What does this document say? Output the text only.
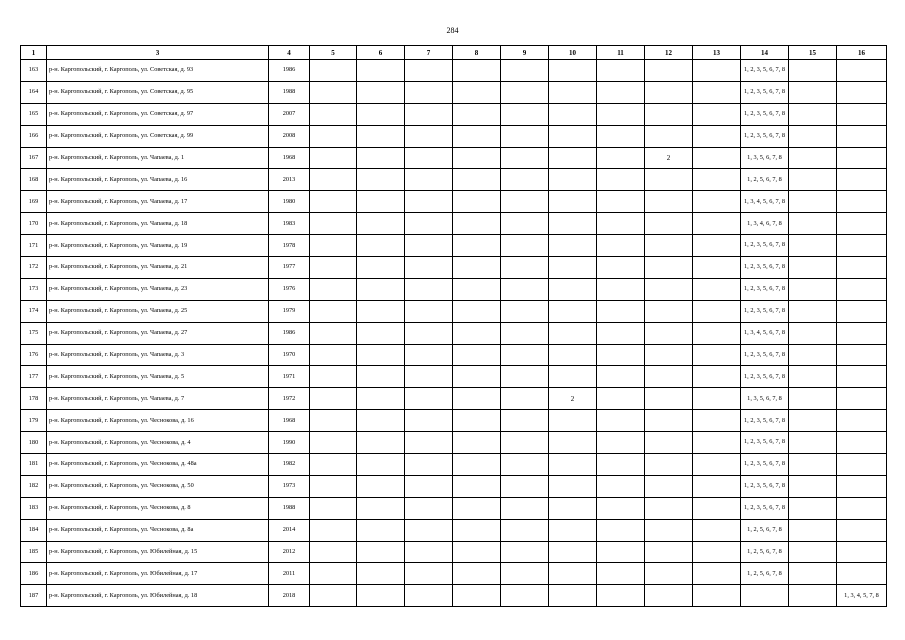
284
1	3	4	5	6	7	8	9	10	11	12	13	14	15	16
163	р-н. Каргопольский, г. Каргополь, ул. Советская, д. 93	1986										1, 2, 3, 5, 6, 7, 8		
164	р-н. Каргопольский, г. Каргополь, ул. Советская, д. 95	1988										1, 2, 3, 5, 6, 7, 8		
165	р-н. Каргопольский, г. Каргополь, ул. Советская, д. 97	2007										1, 2, 3, 5, 6, 7, 8		
166	р-н. Каргопольский, г. Каргополь, ул. Советская, д. 99	2008										1, 2, 3, 5, 6, 7, 8		
167	р-н. Каргопольский, г. Каргополь, ул. Чапаева, д. 1	1968								2		1, 3, 5, 6, 7, 8		
168	р-н. Каргопольский, г. Каргополь, ул. Чапаева, д. 16	2013										1, 2, 5, 6, 7, 8		
169	р-н. Каргопольский, г. Каргополь, ул. Чапаева, д. 17	1980										1, 3, 4, 5, 6, 7, 8		
170	р-н. Каргопольский, г. Каргополь, ул. Чапаева, д. 18	1983										1, 3, 4, 6, 7, 8		
171	р-н. Каргопольский, г. Каргополь, ул. Чапаева, д. 19	1978										1, 2, 3, 5, 6, 7, 8		
172	р-н. Каргопольский, г. Каргополь, ул. Чапаева, д. 21	1977										1, 2, 3, 5, 6, 7, 8		
173	р-н. Каргопольский, г. Каргополь, ул. Чапаева, д. 23	1976										1, 2, 3, 5, 6, 7, 8		
174	р-н. Каргопольский, г. Каргополь, ул. Чапаева, д. 25	1979										1, 2, 3, 5, 6, 7, 8		
175	р-н. Каргопольский, г. Каргополь, ул. Чапаева, д. 27	1986										1, 3, 4, 5, 6, 7, 8		
176	р-н. Каргопольский, г. Каргополь, ул. Чапаева, д. 3	1970										1, 2, 3, 5, 6, 7, 8		
177	р-н. Каргопольский, г. Каргополь, ул. Чапаева, д. 5	1971										1, 2, 3, 5, 6, 7, 8		
178	р-н. Каргопольский, г. Каргополь, ул. Чапаева, д. 7	1972						2				1, 3, 5, 6, 7, 8		
179	р-н. Каргопольский, г. Каргополь, ул. Чеснокова, д. 16	1968										1, 2, 3, 5, 6, 7, 8		
180	р-н. Каргопольский, г. Каргополь, ул. Чеснокова, д. 4	1990										1, 2, 3, 5, 6, 7, 8		
181	р-н. Каргопольский, г. Каргополь, ул. Чеснокова, д. 48а	1982										1, 2, 3, 5, 6, 7, 8		
182	р-н. Каргопольский, г. Каргополь, ул. Чеснокова, д. 50	1973										1, 2, 3, 5, 6, 7, 8		
183	р-н. Каргопольский, г. Каргополь, ул. Чеснокова, д. 8	1988										1, 2, 3, 5, 6, 7, 8		
184	р-н. Каргопольский, г. Каргополь, ул. Чеснокова, д. 8а	2014										1, 2, 5, 6, 7, 8		
185	р-н. Каргопольский, г. Каргополь, ул. Юбилейная, д. 15	2012										1, 2, 5, 6, 7, 8		
186	р-н. Каргопольский, г. Каргополь, ул. Юбилейная, д. 17	2011										1, 2, 5, 6, 7, 8		
187	р-н. Каргопольский, г. Каргополь, ул. Юбилейная, д. 18	2018												1, 3, 4, 5, 7, 8
